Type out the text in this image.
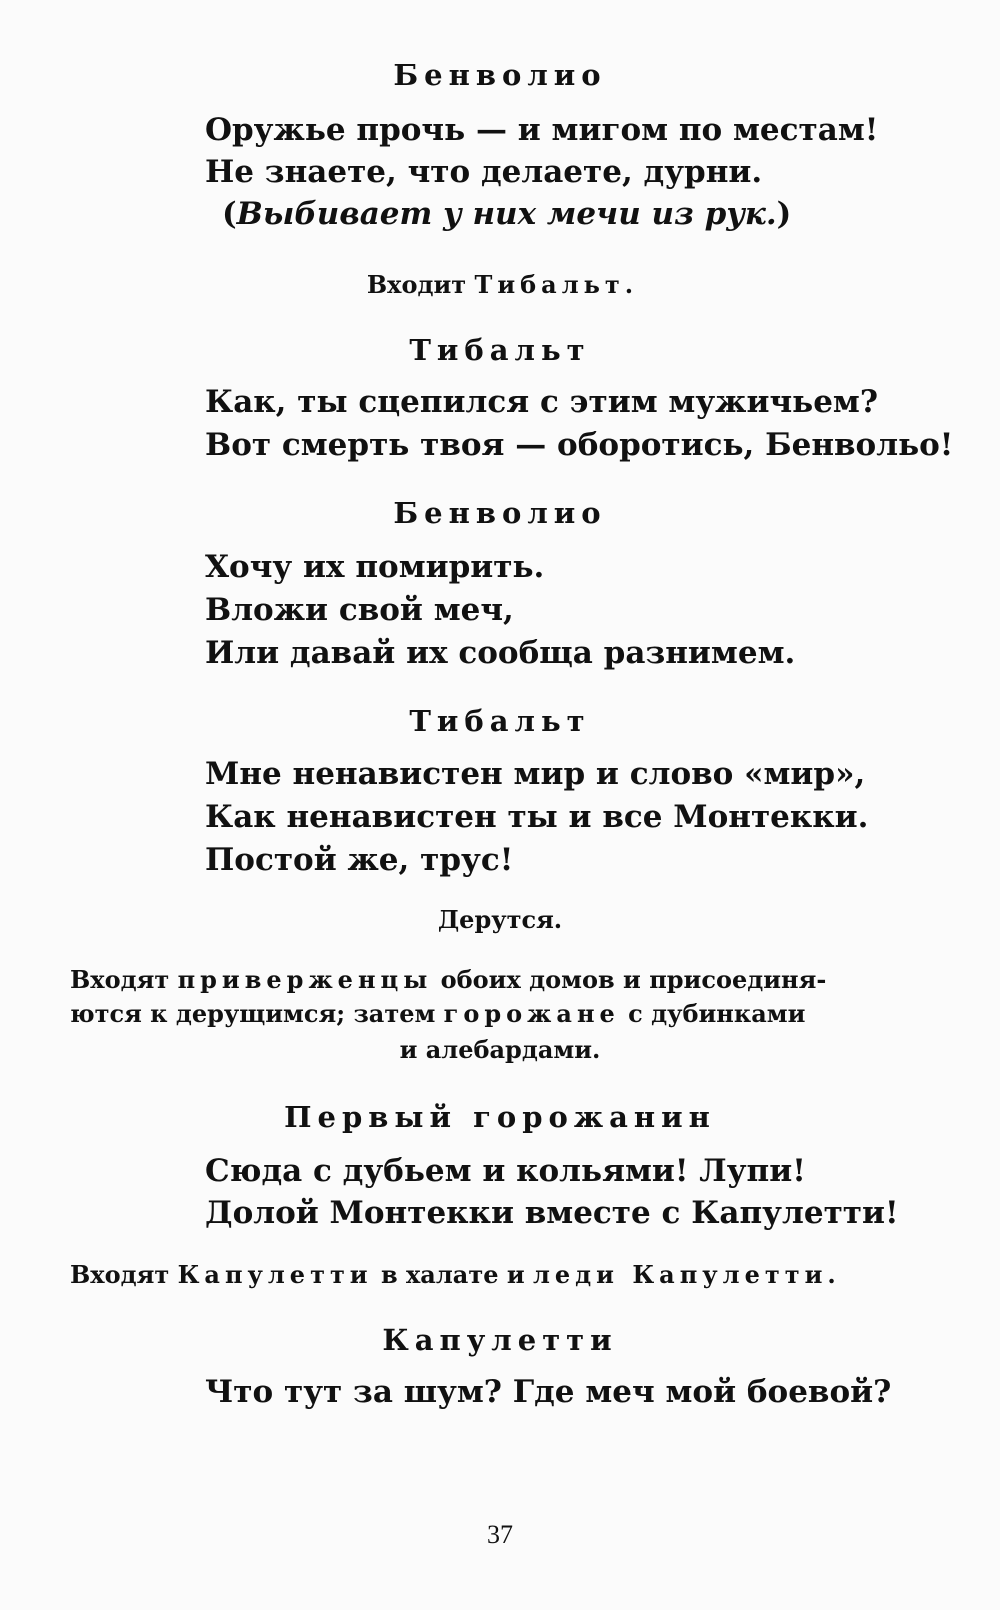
Бенволио
Оружье прочь — и мигом по местам!
Не знаете, что делаете, дурни.
(Выбивает у них мечи из рук.)
Входит Тибальт.
Тибальт
Как, ты сцепился с этим мужичьем?
Вот смерть твоя — оборотись, Бенвольо!
Бенволио
Хочу их помирить.
Вложи свой меч,
Или давай их сообща разнимем.
Тибальт
Мне ненавистен мир и слово «мир»,
Как ненавистен ты и все Монтекки.
Постой же, трус!
Дерутся.
Входят приверженцы обоих домов и присоединя-
ются к дерущимся; затем горожане с дубинками
и алебардами.
Первый горожанин
Сюда с дубьем и кольями! Лупи!
Долой Монтекки вместе с Капулетти!
Входят Капулетти в халате и леди Капулетти.
Капулетти
Что тут за шум? Где меч мой боевой?
37
